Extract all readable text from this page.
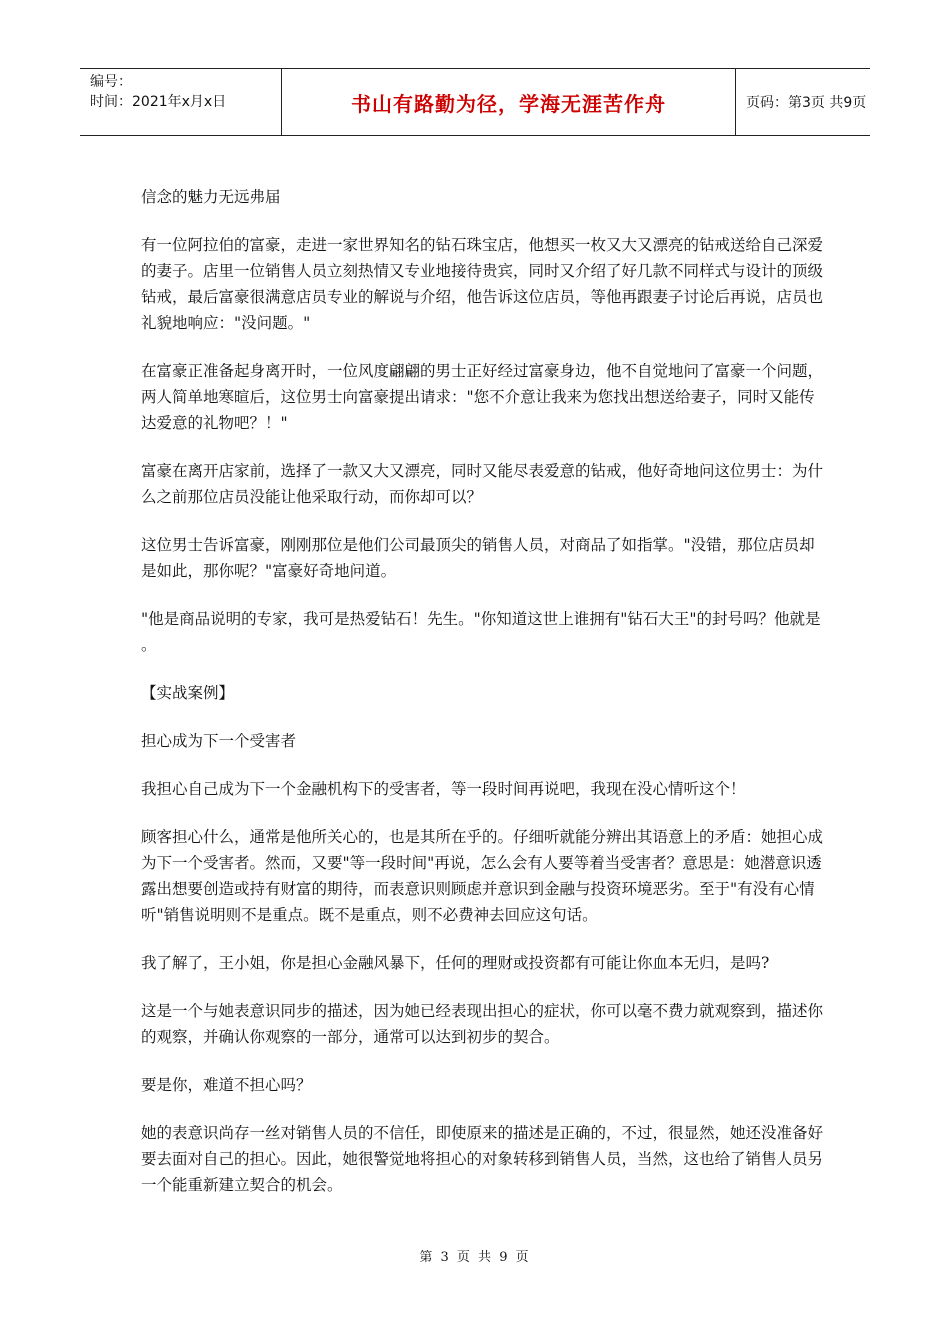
编号：
时间：2021年x月x日	书山有路勤为径，学海无涯苦作舟	页码：第3页 共9页

信念的魅力无远弗届

有一位阿拉伯的富豪，走进一家世界知名的钻石珠宝店，他想买一枚又大又漂亮的钻戒送给自己深爱的妻子。店里一位销售人员立刻热情又专业地接待贵宾，同时又介绍了好几款不同样式与设计的顶级钻戒，最后富豪很满意店员专业的解说与介绍，他告诉这位店员，等他再跟妻子讨论后再说，店员也礼貌地响应："没问题。"

在富豪正准备起身离开时，一位风度翩翩的男士正好经过富豪身边，他不自觉地问了富豪一个问题，两人简单地寒暄后，这位男士向富豪提出请求："您不介意让我来为您找出想送给妻子，同时又能传达爱意的礼物吧？！"

富豪在离开店家前，选择了一款又大又漂亮，同时又能尽表爱意的钻戒，他好奇地问这位男士：为什么之前那位店员没能让他采取行动，而你却可以？

这位男士告诉富豪，刚刚那位是他们公司最顶尖的销售人员，对商品了如指掌。"没错，那位店员却是如此，那你呢？"富豪好奇地问道。

"他是商品说明的专家，我可是热爱钻石！先生。"你知道这世上谁拥有"钻石大王"的封号吗？他就是 。

【实战案例】

担心成为下一个受害者

我担心自己成为下一个金融机构下的受害者，等一段时间再说吧，我现在没心情听这个！

顾客担心什么，通常是他所关心的，也是其所在乎的。仔细听就能分辨出其语意上的矛盾：她担心成为下一个受害者。然而，又要"等一段时间"再说，怎么会有人要等着当受害者？意思是：她潜意识透露出想要创造或持有财富的期待，而表意识则顾虑并意识到金融与投资环境恶劣。至于"有没有心情听"销售说明则不是重点。既不是重点，则不必费神去回应这句话。

我了解了，王小姐，你是担心金融风暴下，任何的理财或投资都有可能让你血本无归，是吗?

这是一个与她表意识同步的描述，因为她已经表现出担心的症状，你可以毫不费力就观察到，描述你的观察，并确认你观察的一部分，通常可以达到初步的契合。

要是你，难道不担心吗？

她的表意识尚存一丝对销售人员的不信任，即使原来的描述是正确的，不过，很显然，她还没准备好要去面对自己的担心。因此，她很警觉地将担心的对象转移到销售人员，当然，这也给了销售人员另一个能重新建立契合的机会。

第 3 页 共 9 页
